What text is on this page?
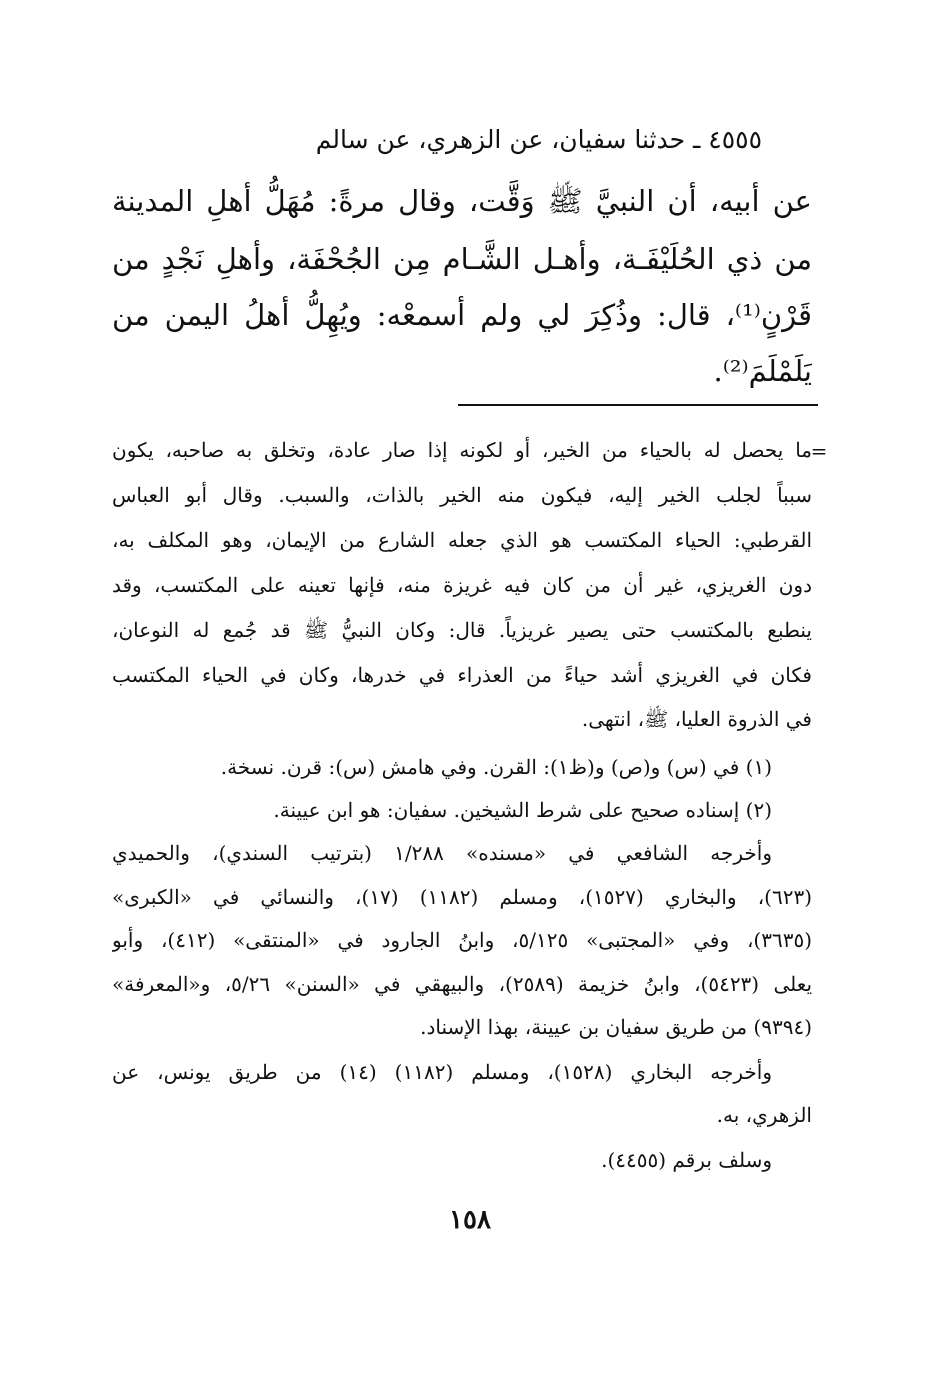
٤٥٥٥ ـ حدثنا سفيان، عن الزهري، عن سالم

عن أبيه، أن النبيَّ ﷺ وَقَّت، وقال مرةً: مُهَلُّ أهلِ المدينة

من ذي الحُلَيْفَـة، وأهـل الشَّـام مِن الجُحْفَة، وأهلِ نَجْدٍ من

قَرْنٍ⁽¹⁾، قال: وذُكِرَ لي ولم أسمعْه: ويُهِلُّ أهلُ اليمن من

يَلَمْلَمَ⁽²⁾.

=

ما يحصل له بالحياء من الخير، أو لكونه إذا صار عادة، وتخلق به صاحبه، يكون

سبباً لجلب الخير إليه، فيكون منه الخير بالذات، والسبب. وقال أبو العباس

القرطبي: الحياء المكتسب هو الذي جعله الشارع من الإيمان، وهو المكلف به،

دون الغريزي، غير أن من كان فيه غريزة منه، فإنها تعينه على المكتسب، وقد

ينطبع بالمكتسب حتى يصير غريزياً. قال: وكان النبيُّ ﷺ قد جُمع له النوعان،

فكان في الغريزي أشد حياءً من العذراء في خدرها، وكان في الحياء المكتسب

في الذروة العليا، ﷺ، انتهى.

(١) في (س) و(ص) و(ظ١): القرن. وفي هامش (س): قرن. نسخة.

(٢) إسناده صحيح على شرط الشيخين. سفيان: هو ابن عيينة.

وأخرجه الشافعي في «مسنده» ١/٢٨٨ (بترتيب السندي)، والحميدي

(٦٢٣)، والبخاري (١٥٢٧)، ومسلم (١١٨٢) (١٧)، والنسائي في «الكبرى»

(٣٦٣٥)، وفي «المجتبى» ٥/١٢٥، وابنُ الجارود في «المنتقى» (٤١٢)، وأبو

يعلى (٥٤٢٣)، وابنُ خزيمة (٢٥٨٩)، والبيهقي في «السنن» ٥/٢٦، و«المعرفة»

(٩٣٩٤) من طريق سفيان بن عيينة، بهذا الإسناد.

وأخرجه البخاري (١٥٢٨)، ومسلم (١١٨٢) (١٤) من طريق يونس، عن

الزهري، به.

وسلف برقم (٤٤٥٥).

١٥٨
